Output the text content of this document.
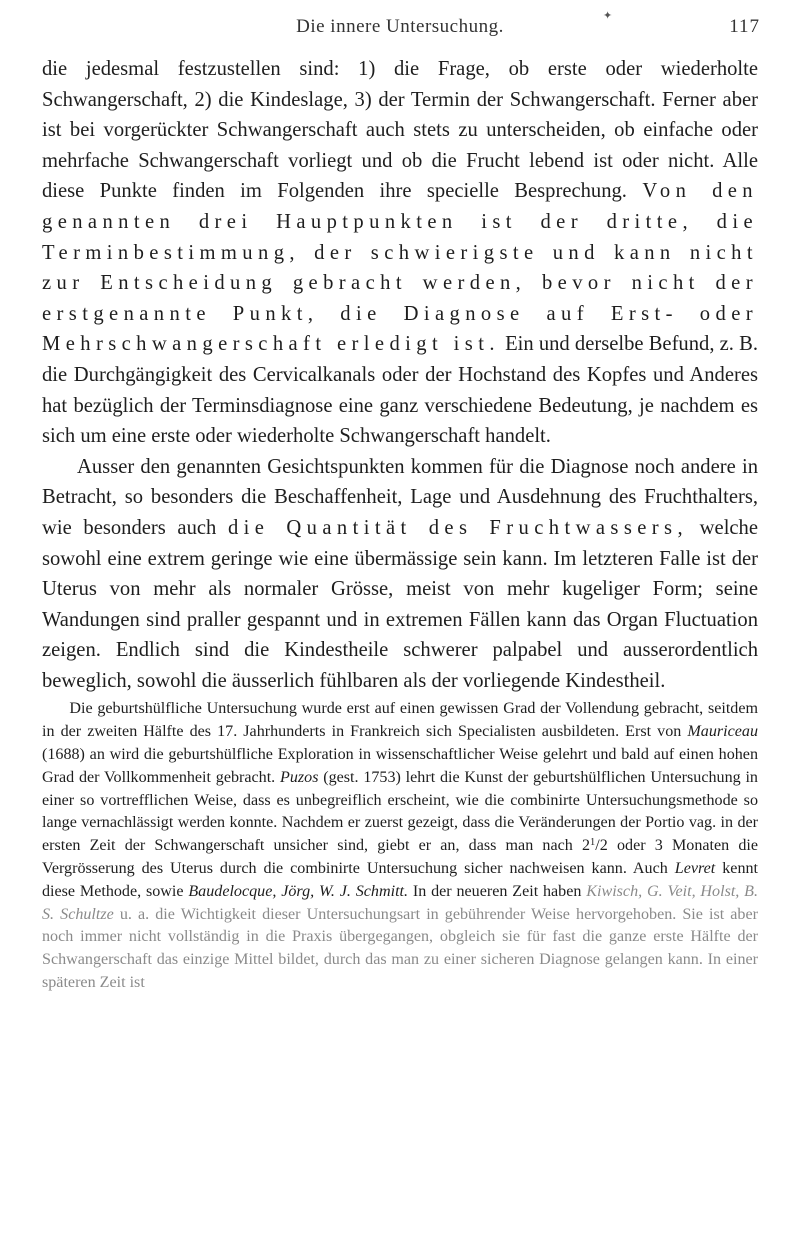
✦
Die innere Untersuchung.	117

die jedesmal festzustellen sind: 1) die Frage, ob erste oder wiederholte Schwangerschaft, 2) die Kindeslage, 3) der Termin der Schwangerschaft. Ferner aber ist bei vorgerückter Schwangerschaft auch stets zu unterscheiden, ob einfache oder mehrfache Schwangerschaft vorliegt und ob die Frucht lebend ist oder nicht. Alle diese Punkte finden im Folgenden ihre specielle Besprechung. Von den genannten drei Hauptpunkten ist der dritte, die Terminbestimmung, der schwierigste und kann nicht zur Entscheidung gebracht werden, bevor nicht der erstgenannte Punkt, die Diagnose auf Erst- oder Mehrschwangerschaft erledigt ist. Ein und derselbe Befund, z. B. die Durchgängigkeit des Cervicalkanals oder der Hochstand des Kopfes und Anderes hat bezüglich der Terminsdiagnose eine ganz verschiedene Bedeutung, je nachdem es sich um eine erste oder wiederholte Schwangerschaft handelt.

Ausser den genannten Gesichtspunkten kommen für die Diagnose noch andere in Betracht, so besonders die Beschaffenheit, Lage und Ausdehnung des Fruchthalters, wie besonders auch die Quantität des Fruchtwassers, welche sowohl eine extrem geringe wie eine übermässige sein kann. Im letzteren Falle ist der Uterus von mehr als normaler Grösse, meist von mehr kugeliger Form; seine Wandungen sind praller gespannt und in extremen Fällen kann das Organ Fluctuation zeigen. Endlich sind die Kindestheile schwerer palpabel und ausserordentlich beweglich, sowohl die äusserlich fühlbaren als der vorliegende Kindestheil.

Die geburtshülfliche Untersuchung wurde erst auf einen gewissen Grad der Vollendung gebracht, seitdem in der zweiten Hälfte des 17. Jahrhunderts in Frankreich sich Specialisten ausbildeten. Erst von Mauriceau (1688) an wird die geburtshülfliche Exploration in wissenschaftlicher Weise gelehrt und bald auf einen hohen Grad der Vollkommenheit gebracht. Puzos (gest. 1753) lehrt die Kunst der geburtshülflichen Untersuchung in einer so vortrefflichen Weise, dass es unbegreiflich erscheint, wie die combinirte Untersuchungsmethode so lange vernachlässigt werden konnte. Nachdem er zuerst gezeigt, dass die Veränderungen der Portio vag. in der ersten Zeit der Schwangerschaft unsicher sind, giebt er an, dass man nach $2^1/2$ oder 3 Monaten die Vergrösserung des Uterus durch die combinirte Untersuchung sicher nachweisen kann. Auch Levret kennt diese Methode, sowie Baudelocque, Jörg, W. J. Schmitt. In der neueren Zeit haben Kiwisch, G. Veit, Holst, B. S. Schultze u. a. die Wichtigkeit dieser Untersuchungsart in gebührender Weise hervorgehoben. Sie ist aber noch immer nicht vollständig in die Praxis übergegangen, obgleich sie für fast die ganze erste Hälfte der Schwangerschaft das einzige Mittel bildet, durch das man zu einer sicheren Diagnose gelangen kann. In einer späteren Zeit ist
